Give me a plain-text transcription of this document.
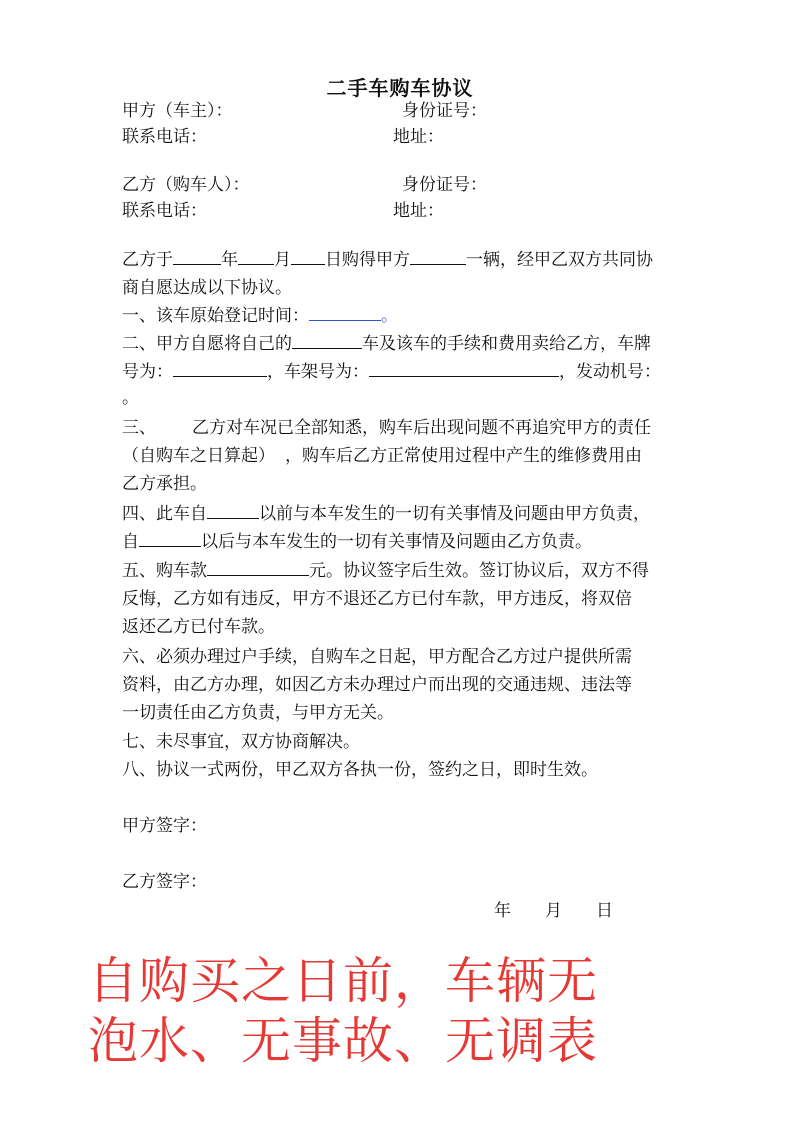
二手车购车协议
甲方（车主）：	身份证号：
联系电话：	地址：
乙方（购车人）：	身份证号：
联系电话：	地址：
乙方于	年 月 日购得甲方	一辆，经甲乙双方共同协
商自愿达成以下协议。
一、该车原始登记时间：	。
二、甲方自愿将自己的	车及该车的手续和费用卖给乙方，车牌
号为：	，车架号为：	，发动机号：
。
三、 乙方对车况已全部知悉，购车后出现问题不再追究甲方的责任
（自购车之日算起） ，购车后乙方正常使用过程中产生的维修费用由
乙方承担。
四、此车自	以前与本车发生的一切有关事情及问题由甲方负责，
自	以后与本车发生的一切有关事情及问题由乙方负责。
五、购车款	元。协议签字后生效。签订协议后，双方不得
反悔，乙方如有违反，甲方不退还乙方已付车款，甲方违反，将双倍
返还乙方已付车款。
六、必须办理过户手续，自购车之日起，甲方配合乙方过户提供所需
资料，由乙方办理，如因乙方未办理过户而出现的交通违规、违法等
一切责任由乙方负责，与甲方无关。
七、未尽事宜，双方协商解决。
八、协议一式两份，甲乙双方各执一份，签约之日，即时生效。
甲方签字：
乙方签字：
年 月 日
自购买之日前，车辆无
泡水、无事故、无调表
